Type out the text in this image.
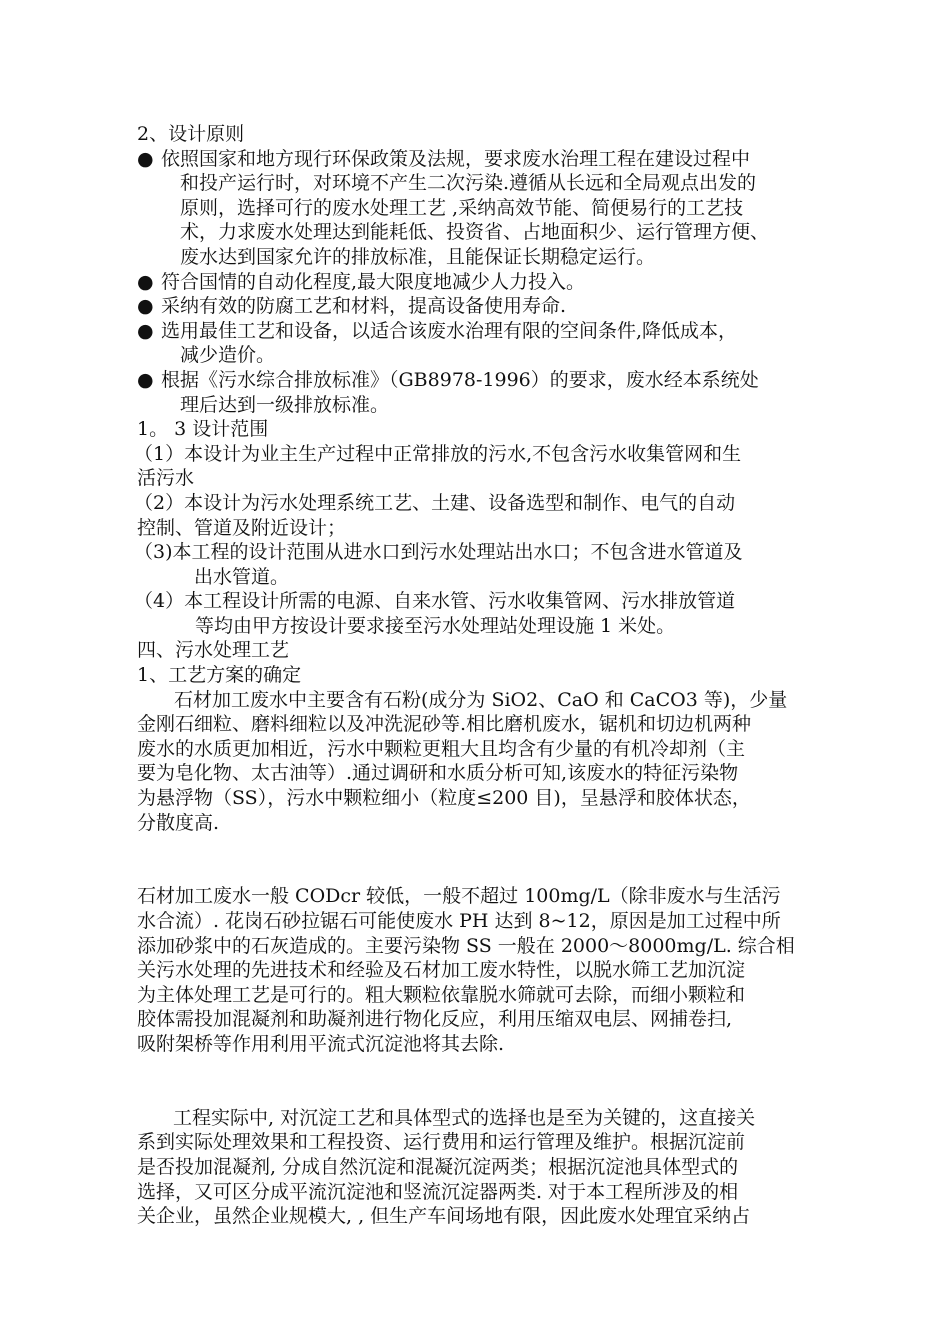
2、设计原则
● 依照国家和地方现行环保政策及法规，要求废水治理工程在建设过程中
和投产运行时，对环境不产生二次污染.遵循从长远和全局观点出发的
原则，选择可行的废水处理工艺 ,采纳高效节能、简便易行的工艺技
术，力求废水处理达到能耗低、投资省、占地面积少、运行管理方便、
废水达到国家允许的排放标准，且能保证长期稳定运行。
● 符合国情的自动化程度,最大限度地减少人力投入。
● 采纳有效的防腐工艺和材料，提高设备使用寿命.
● 选用最佳工艺和设备，以适合该废水治理有限的空间条件,降低成本，
减少造价。
● 根据《污水综合排放标准》（GB8978-1996）的要求，废水经本系统处
理后达到一级排放标准。
1。 3 设计范围
（1）本设计为业主生产过程中正常排放的污水,不包含污水收集管网和生
活污水
（2）本设计为污水处理系统工艺、土建、设备选型和制作、电气的自动
控制、管道及附近设计；
（3)本工程的设计范围从进水口到污水处理站出水口；不包含进水管道及
出水管道。
（4）本工程设计所需的电源、自来水管、污水收集管网、污水排放管道
等均由甲方按设计要求接至污水处理站处理设施 1 米处。
四、污水处理工艺
1、工艺方案的确定
石材加工废水中主要含有石粉(成分为 SiO2、CaO 和 CaCO3 等)，少量
金刚石细粒、磨料细粒以及冲洗泥砂等.相比磨机废水，锯机和切边机两种
废水的水质更加相近，污水中颗粒更粗大且均含有少量的有机冷却剂（主
要为皂化物、太古油等）.通过调研和水质分析可知,该废水的特征污染物
为悬浮物（SS），污水中颗粒细小（粒度≤200 目)，呈悬浮和胶体状态，
分散度高.
石材加工废水一般 CODcr 较低，一般不超过 100mg/L（除非废水与生活污
水合流）. 花岗石砂拉锯石可能使废水 PH 达到 8~12，原因是加工过程中所
添加砂浆中的石灰造成的。主要污染物 SS 一般在 2000～8000mg/L. 综合相
关污水处理的先进技术和经验及石材加工废水特性，以脱水筛工艺加沉淀
为主体处理工艺是可行的。粗大颗粒依靠脱水筛就可去除，而细小颗粒和
胶体需投加混凝剂和助凝剂进行物化反应，利用压缩双电层、网捕卷扫,
吸附架桥等作用利用平流式沉淀池将其去除.
工程实际中, 对沉淀工艺和具体型式的选择也是至为关键的，这直接关
系到实际处理效果和工程投资、运行费用和运行管理及维护。根据沉淀前
是否投加混凝剂, 分成自然沉淀和混凝沉淀两类；根据沉淀池具体型式的
选择，又可区分成平流沉淀池和竖流沉淀器两类. 对于本工程所涉及的相
关企业，虽然企业规模大, , 但生产车间场地有限，因此废水处理宜采纳占
